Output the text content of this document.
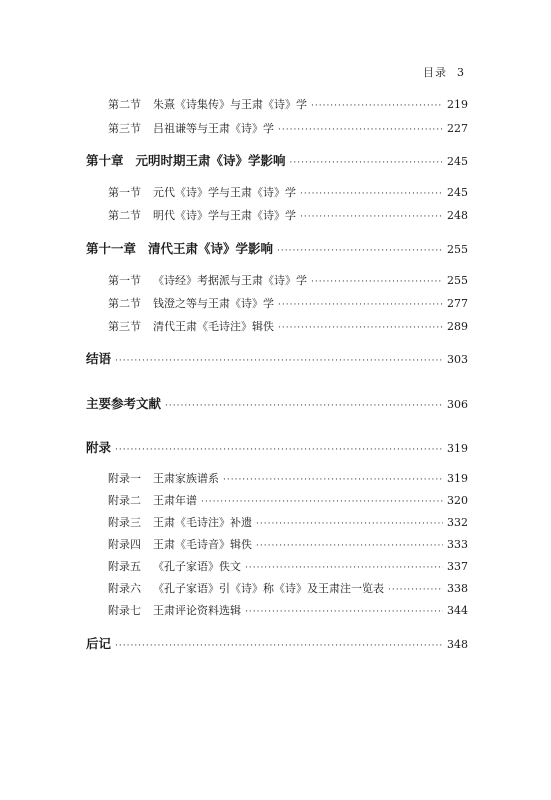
目录 3
第二节 朱熹《诗集传》与王肃《诗》学 ·····	219
第三节 吕祖谦等与王肃《诗》学 ·····	227
第十章 元明时期王肃《诗》学影响 ·····	245
第一节 元代《诗》学与王肃《诗》学 ·····	245
第二节 明代《诗》学与王肃《诗》学 ·····	248
第十一章 清代王肃《诗》学影响 ·····	255
第一节 《诗经》考据派与王肃《诗》学 ·····	255
第二节 钱澄之等与王肃《诗》学 ·····	277
第三节 清代王肃《毛诗注》辑佚 ·····	289
结语 ·····	303
主要参考文献 ·····	306
附录 ·····	319
附录一 王肃家族谱系 ·····	319
附录二 王肃年谱 ·····	320
附录三 王肃《毛诗注》补遗 ·····	332
附录四 王肃《毛诗音》辑佚 ·····	333
附录五 《孔子家语》佚文 ·····	337
附录六 《孔子家语》引《诗》称《诗》及王肃注一览表 ·····	338
附录七 王肃评论资料选辑 ·····	344
后记 ·····	348
